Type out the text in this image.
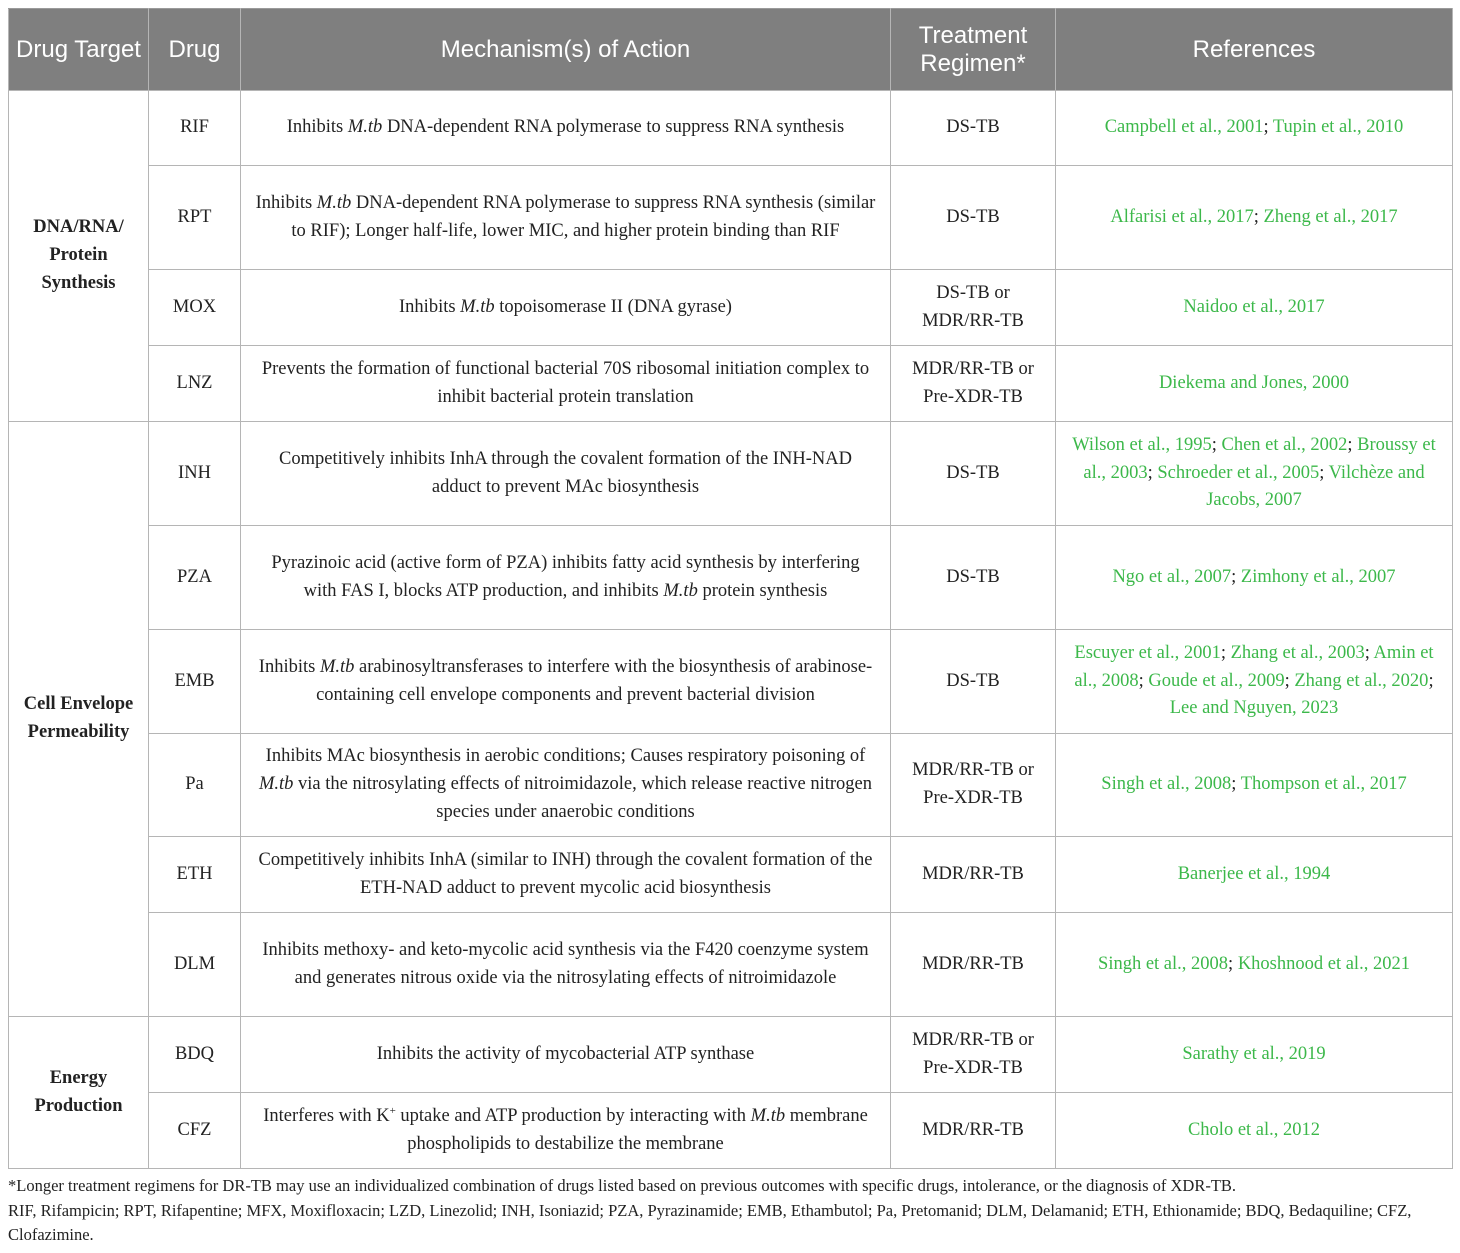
Drug Target	Drug	Mechanism(s) of Action	Treatment Regimen*	References
DNA/RNA/ Protein Synthesis	RIF	Inhibits M.tb DNA-dependent RNA polymerase to suppress RNA synthesis	DS-TB	Campbell et al., 2001; Tupin et al., 2010
	RPT	Inhibits M.tb DNA-dependent RNA polymerase to suppress RNA synthesis (similar to RIF); Longer half-life, lower MIC, and higher protein binding than RIF	DS-TB	Alfarisi et al., 2017; Zheng et al., 2017
	MOX	Inhibits M.tb topoisomerase II (DNA gyrase)	DS-TB or MDR/RR-TB	Naidoo et al., 2017
	LNZ	Prevents the formation of functional bacterial 70S ribosomal initiation complex to inhibit bacterial protein translation	MDR/RR-TB or Pre-XDR-TB	Diekema and Jones, 2000
Cell Envelope Permeability	INH	Competitively inhibits InhA through the covalent formation of the INH-NAD adduct to prevent MAc biosynthesis	DS-TB	Wilson et al., 1995; Chen et al., 2002; Broussy et al., 2003; Schroeder et al., 2005; Vilchèze and Jacobs, 2007
	PZA	Pyrazinoic acid (active form of PZA) inhibits fatty acid synthesis by interfering with FAS I, blocks ATP production, and inhibits M.tb protein synthesis	DS-TB	Ngo et al., 2007; Zimhony et al., 2007
	EMB	Inhibits M.tb arabinosyltransferases to interfere with the biosynthesis of arabinose-containing cell envelope components and prevent bacterial division	DS-TB	Escuyer et al., 2001; Zhang et al., 2003; Amin et al., 2008; Goude et al., 2009; Zhang et al., 2020; Lee and Nguyen, 2023
	Pa	Inhibits MAc biosynthesis in aerobic conditions; Causes respiratory poisoning of M.tb via the nitrosylating effects of nitroimidazole, which release reactive nitrogen species under anaerobic conditions	MDR/RR-TB or Pre-XDR-TB	Singh et al., 2008; Thompson et al., 2017
	ETH	Competitively inhibits InhA (similar to INH) through the covalent formation of the ETH-NAD adduct to prevent mycolic acid biosynthesis	MDR/RR-TB	Banerjee et al., 1994
	DLM	Inhibits methoxy- and keto-mycolic acid synthesis via the F420 coenzyme system and generates nitrous oxide via the nitrosylating effects of nitroimidazole	MDR/RR-TB	Singh et al., 2008; Khoshnood et al., 2021
Energy Production	BDQ	Inhibits the activity of mycobacterial ATP synthase	MDR/RR-TB or Pre-XDR-TB	Sarathy et al., 2019
	CFZ	Interferes with K+ uptake and ATP production by interacting with M.tb membrane phospholipids to destabilize the membrane	MDR/RR-TB	Cholo et al., 2012

*Longer treatment regimens for DR-TB may use an individualized combination of drugs listed based on previous outcomes with specific drugs, intolerance, or the diagnosis of XDR-TB.

RIF, Rifampicin; RPT, Rifapentine; MFX, Moxifloxacin; LZD, Linezolid; INH, Isoniazid; PZA, Pyrazinamide; EMB, Ethambutol; Pa, Pretomanid; DLM, Delamanid; ETH, Ethionamide; BDQ, Bedaquiline; CFZ, Clofazimine.
